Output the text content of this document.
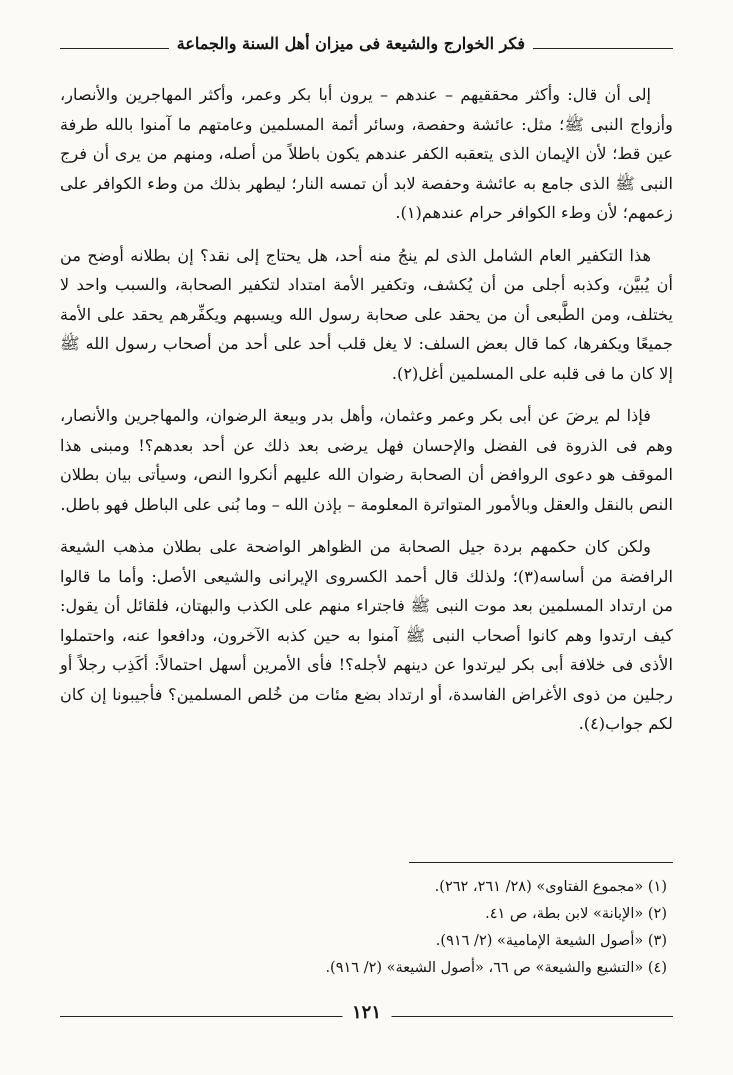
فكر الخوارج والشيعة فى ميزان أهل السنة والجماعة

إلى أن قال: وأكثر محققيهم – عندهم – يرون أبا بكر وعمر، وأكثر المهاجرين والأنصار، وأزواج النبى ﷺ؛ مثل: عائشة وحفصة، وسائر أئمة المسلمين وعامتهم ما آمنوا بالله طرفة عين قط؛ لأن الإيمان الذى يتعقبه الكفر عندهم يكون باطلاً من أصله، ومنهم من يرى أن فرج النبى ﷺ الذى جامع به عائشة وحفصة لابد أن تمسه النار؛ ليطهر بذلك من وطء الكوافر على زعمهم؛ لأن وطء الكوافر حرام عندهم(١).

هذا التكفير العام الشامل الذى لم ينجُ منه أحد، هل يحتاج إلى نقد؟ إن بطلانه أوضح من أن يُبيَّن، وكذبه أجلى من أن يُكشف، وتكفير الأمة امتداد لتكفير الصحابة، والسبب واحد لا يختلف، ومن الطَّبعى أن من يحقد على صحابة رسول الله ويسبهم ويكفِّرهم يحقد على الأمة جميعًا ويكفرها، كما قال بعض السلف: لا يغل قلب أحد على أحد من أصحاب رسول الله ﷺ إلا كان ما فى قلبه على المسلمين أغل(٢).

فإذا لم يرضَ عن أبى بكر وعمر وعثمان، وأهل بدر وبيعة الرضوان، والمهاجرين والأنصار، وهم فى الذروة فى الفضل والإحسان فهل يرضى بعد ذلك عن أحد بعدهم؟! ومبنى هذا الموقف هو دعوى الروافض أن الصحابة رضوان الله عليهم أنكروا النص، وسيأتى بيان بطلان النص بالنقل والعقل وبالأمور المتواترة المعلومة – بإذن الله – وما بُنى على الباطل فهو باطل.

ولكن كان حكمهم بردة جيل الصحابة من الظواهر الواضحة على بطلان مذهب الشيعة الرافضة من أساسه(٣)؛ ولذلك قال أحمد الكسروى الإيرانى والشيعى الأصل: وأما ما قالوا من ارتداد المسلمين بعد موت النبى ﷺ فاجتراء منهم على الكذب والبهتان، فلقائل أن يقول: كيف ارتدوا وهم كانوا أصحاب النبى ﷺ آمنوا به حين كذبه الآخرون، ودافعوا عنه، واحتملوا الأذى فى خلافة أبى بكر ليرتدوا عن دينهم لأجله؟! فأى الأمرين أسهل احتمالاً: أكَذِب رجلاً أو رجلين من ذوى الأغراض الفاسدة، أو ارتداد بضع مئات من خُلص المسلمين؟ فأجيبونا إن كان لكم جواب(٤).

(١) «مجموع الفتاوى» (٢٨/ ٢٦١، ٢٦٢).
(٢) «الإبانة» لابن بطة، ص ٤١.
(٣) «أصول الشيعة الإمامية» (٢/ ٩١٦).
(٤) «التشيع والشيعة» ص ٦٦، «أصول الشيعة» (٢/ ٩١٦).
١٢١
